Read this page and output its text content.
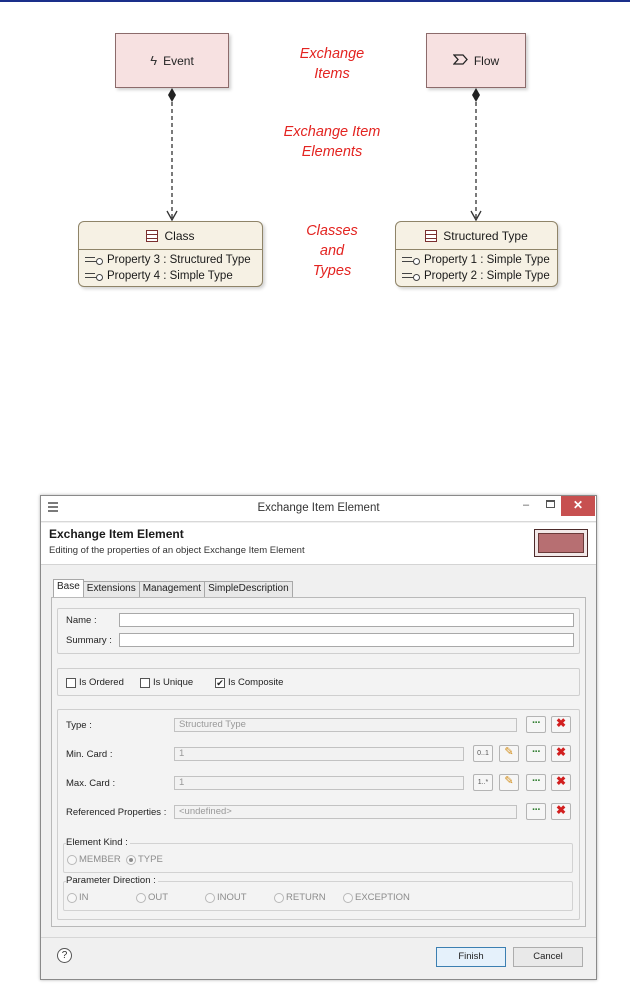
ϟ Event	Flow
Exchange
Items
Exchange Item
Elements
Classes
and
Types
Class
Property 3 : Structured Type
Property 4 : Simple Type
Structured Type
Property 1 : Simple Type
Property 2 : Simple Type
Exchange Item Element	–	✕
Exchange Item Element
Editing of the properties of an object Exchange Item Element
Base Extensions Management SimpleDescription
Name :
Summary :
Is Ordered	Is Unique	✔ Is Composite
Type :	Structured Type	···	✖
Min. Card :	1	0..1	✎	···	✖
Max. Card :	1	1..*	✎	···	✖
Referenced Properties :	<undefined>	···	✖
Element Kind :
MEMBER TYPE
Parameter Direction :
IN	OUT	INOUT	RETURN	EXCEPTION
?	Finish	Cancel
